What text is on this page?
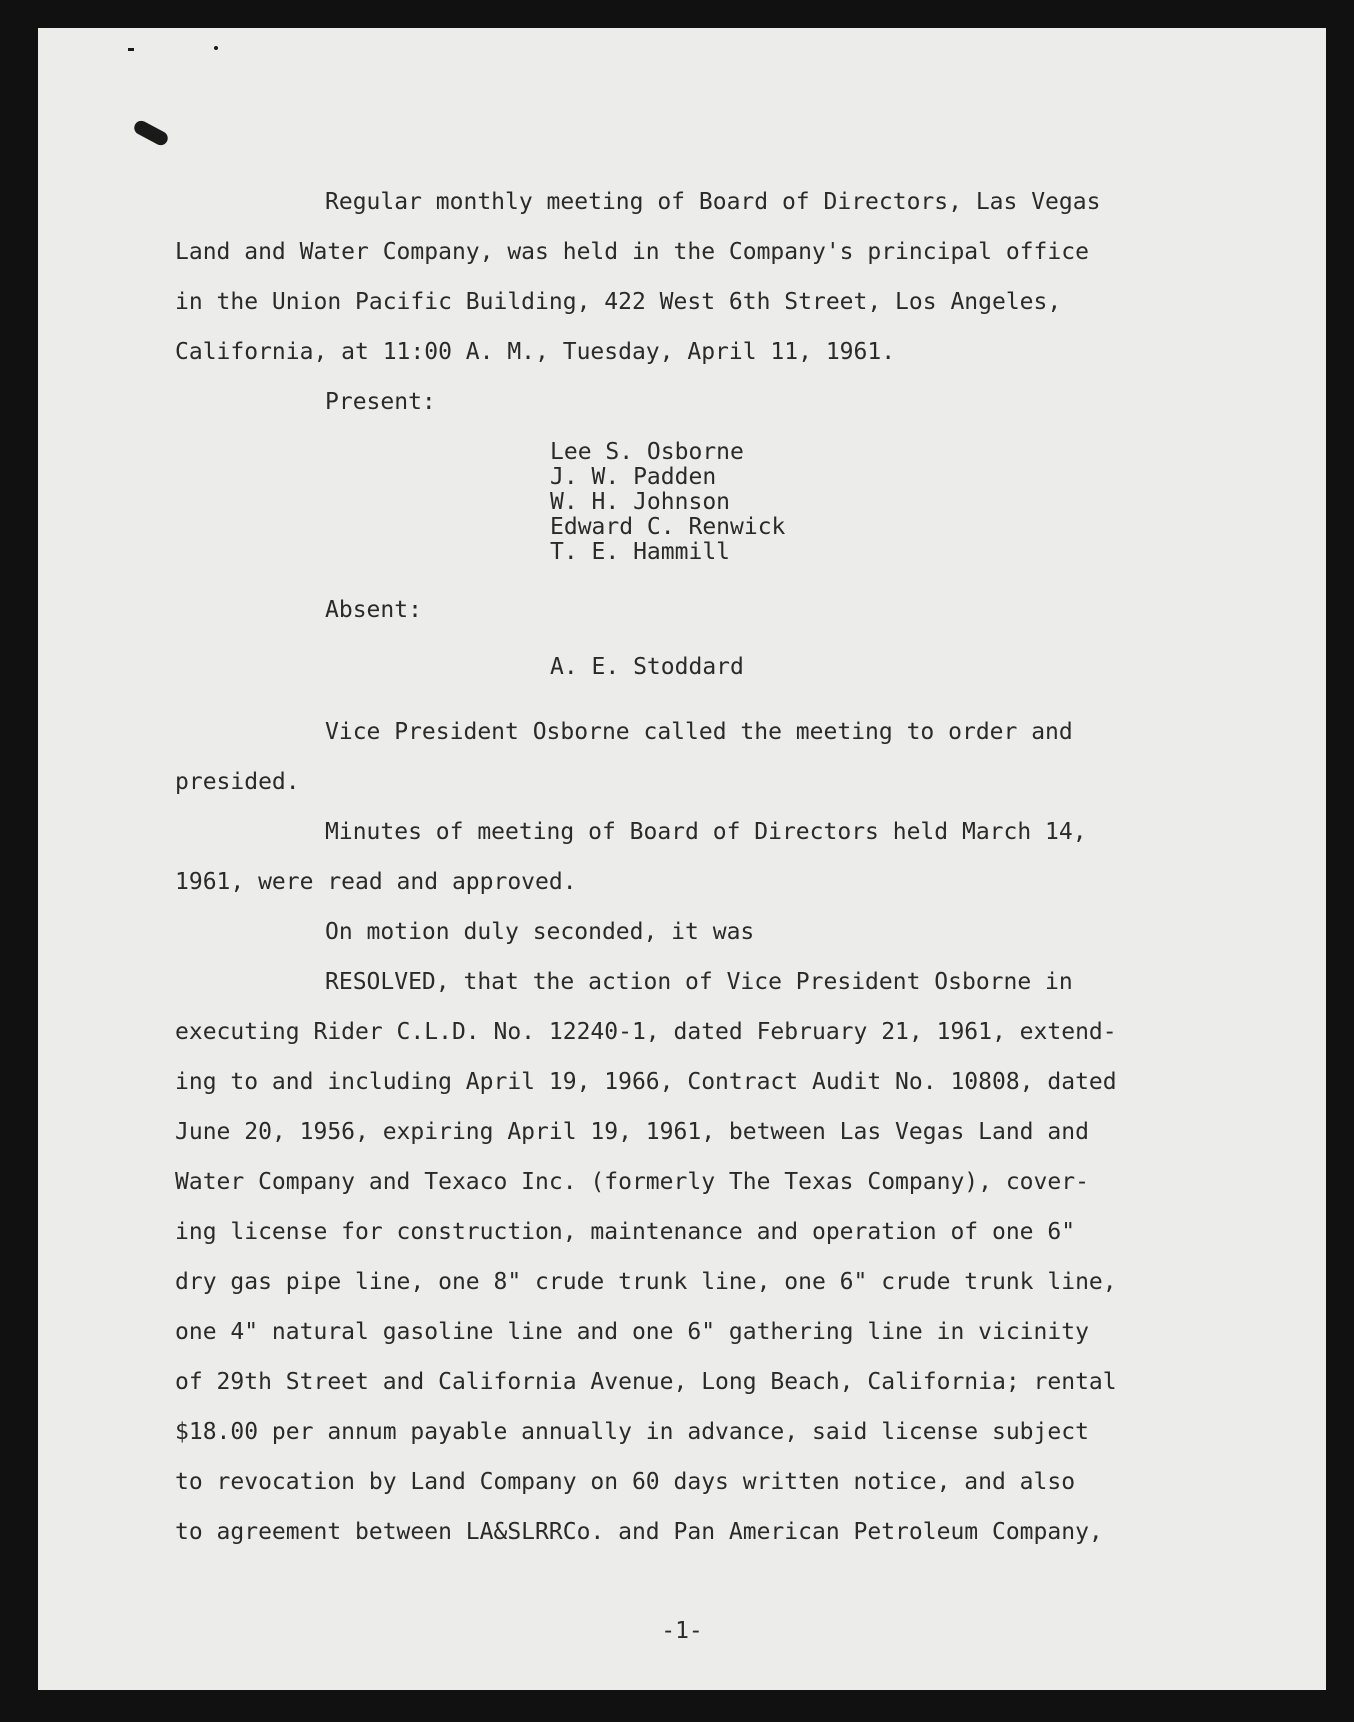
Regular monthly meeting of Board of Directors, Las Vegas
Land and Water Company, was held in the Company's principal office
in the Union Pacific Building, 422 West 6th Street, Los Angeles,
California, at 11:00 A. M., Tuesday, April 11, 1961.
Present:
Lee S. Osborne
J. W. Padden
W. H. Johnson
Edward C. Renwick
T. E. Hammill
Absent:
A. E. Stoddard
Vice President Osborne called the meeting to order and
presided.
Minutes of meeting of Board of Directors held March 14,
1961, were read and approved.
On motion duly seconded, it was
RESOLVED, that the action of Vice President Osborne in
executing Rider C.L.D. No. 12240-1, dated February 21, 1961, extend-
ing to and including April 19, 1966, Contract Audit No. 10808, dated
June 20, 1956, expiring April 19, 1961, between Las Vegas Land and
Water Company and Texaco Inc. (formerly The Texas Company), cover-
ing license for construction, maintenance and operation of one 6"
dry gas pipe line, one 8" crude trunk line, one 6" crude trunk line,
one 4" natural gasoline line and one 6" gathering line in vicinity
of 29th Street and California Avenue, Long Beach, California; rental
$18.00 per annum payable annually in advance, said license subject
to revocation by Land Company on 60 days written notice, and also
to agreement between LA&SLRRCo. and Pan American Petroleum Company,
-1-
